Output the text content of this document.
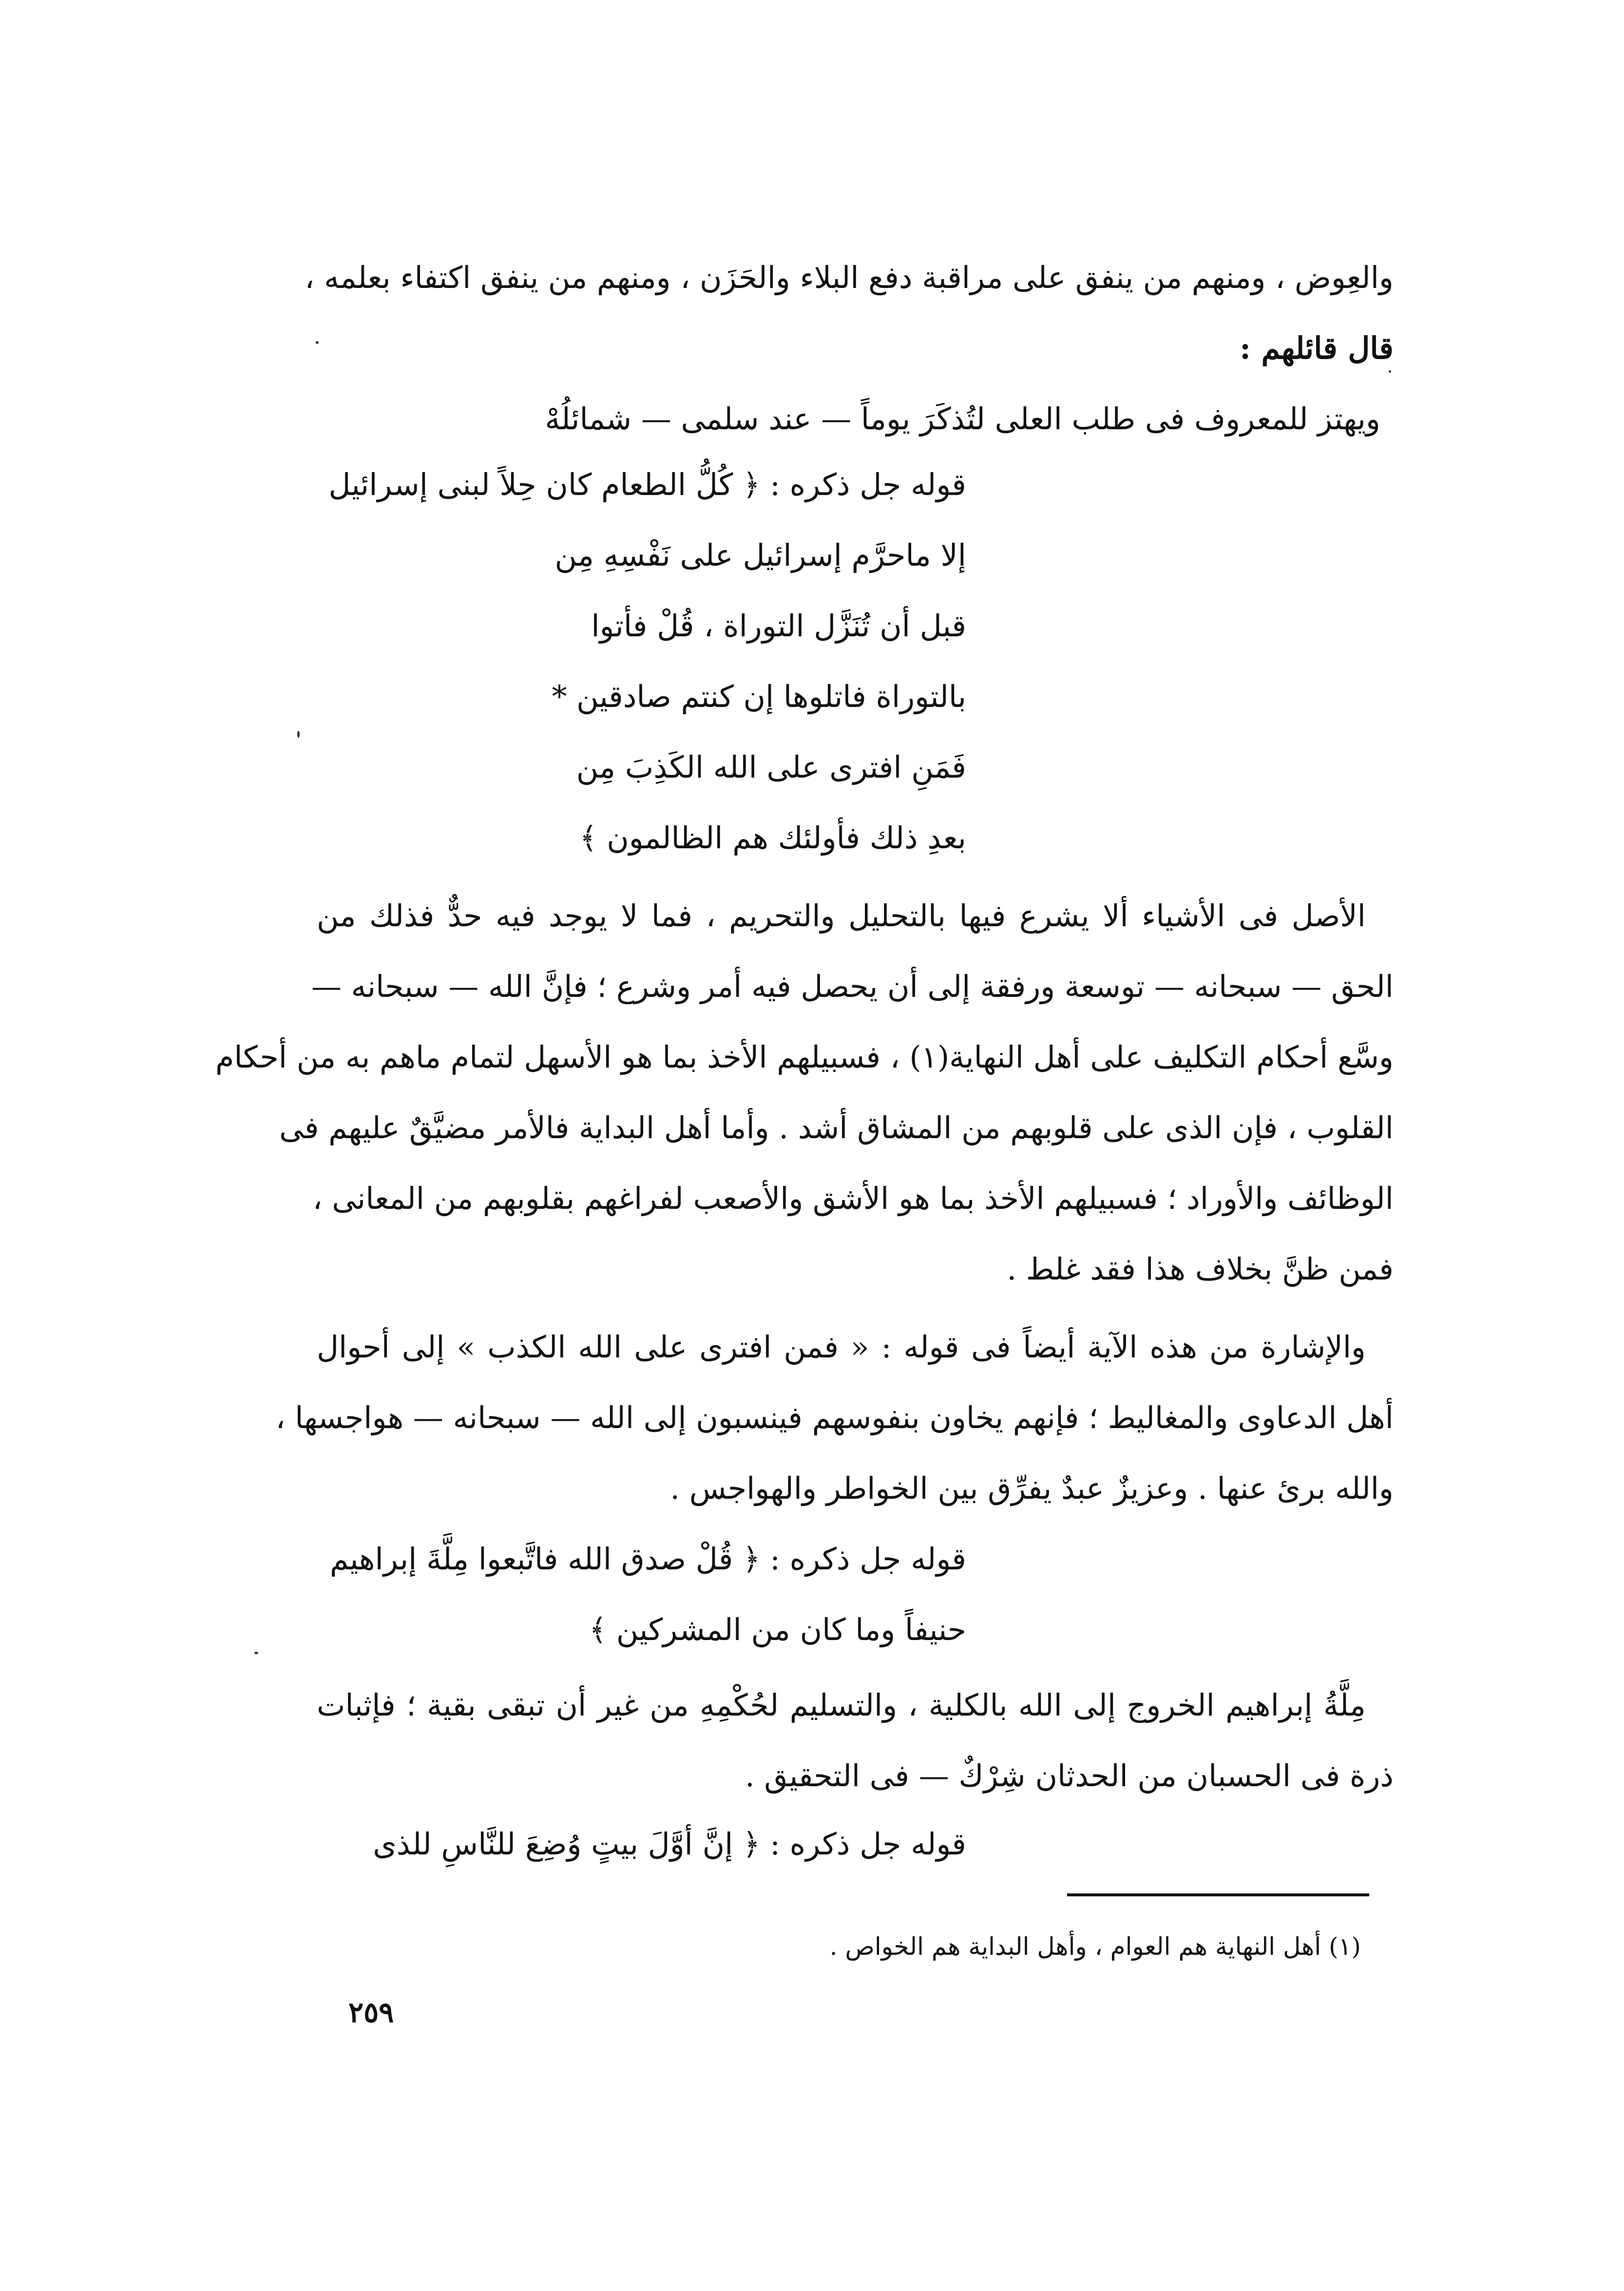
والعِوض ، ومنهم من ينفق على مراقبة دفع البلاء والحَزَن ، ومنهم من ينفق اكتفاء بعلمه ،
قال قائلهم :
ويهتز للمعروف فى طلب العلى لتُذكَرَ يوماً — عند سلمى — شمائلُهْ
قوله جل ذكره : ﴿ كُلُّ الطعام كان حِلاً لبنى إسرائيل
إلا ماحرَّم إسرائيل على نَفْسِهِ مِن
قبل أن تُنَزَّل التوراة ، قُلْ فأتوا
بالتوراة فاتلوها إن كنتم صادقين *
فَمَنِ افترى على الله الكَذِبَ مِن
بعدِ ذلك فأولئك هم الظالمون ﴾
الأصل فى الأشياء ألا يشرع فيها بالتحليل والتحريم ، فما لا يوجد فيه حدٌّ فذلك من
الحق — سبحانه — توسعة ورفقة إلى أن يحصل فيه أمر وشرع ؛ فإنَّ الله — سبحانه —
وسَّع أحكام التكليف على أهل النهاية(١) ، فسبيلهم الأخذ بما هو الأسهل لتمام ماهم به من أحكام
القلوب ، فإن الذى على قلوبهم من المشاق أشد . وأما أهل البداية فالأمر مضيَّقٌ عليهم فى
الوظائف والأوراد ؛ فسبيلهم الأخذ بما هو الأشق والأصعب لفراغهم بقلوبهم من المعانى ،
فمن ظنَّ بخلاف هذا فقد غلط .
والإشارة من هذه الآية أيضاً فى قوله : « فمن افترى على الله الكذب » إلى أحوال
أهل الدعاوى والمغاليط ؛ فإنهم يخاون بنفوسهم فينسبون إلى الله — سبحانه — هواجسها ،
والله برئ عنها . وعزيزٌ عبدٌ يفرِّق بين الخواطر والهواجس .
قوله جل ذكره : ﴿ قُلْ صدق الله فاتَّبعوا مِلَّةَ إبراهيم
حنيفاً وما كان من المشركين ﴾
مِلَّةُ إبراهيم الخروج إلى الله بالكلية ، والتسليم لحُكْمِهِ من غير أن تبقى بقية ؛ فإثبات
ذرة فى الحسبان من الحدثان شِرْكٌ — فى التحقيق .
قوله جل ذكره : ﴿ إنَّ أوَّلَ بيتٍ وُضِعَ للنَّاسِ للذى
(١) أهل النهاية هم العوام ، وأهل البداية هم الخواص .
٢٥٩
